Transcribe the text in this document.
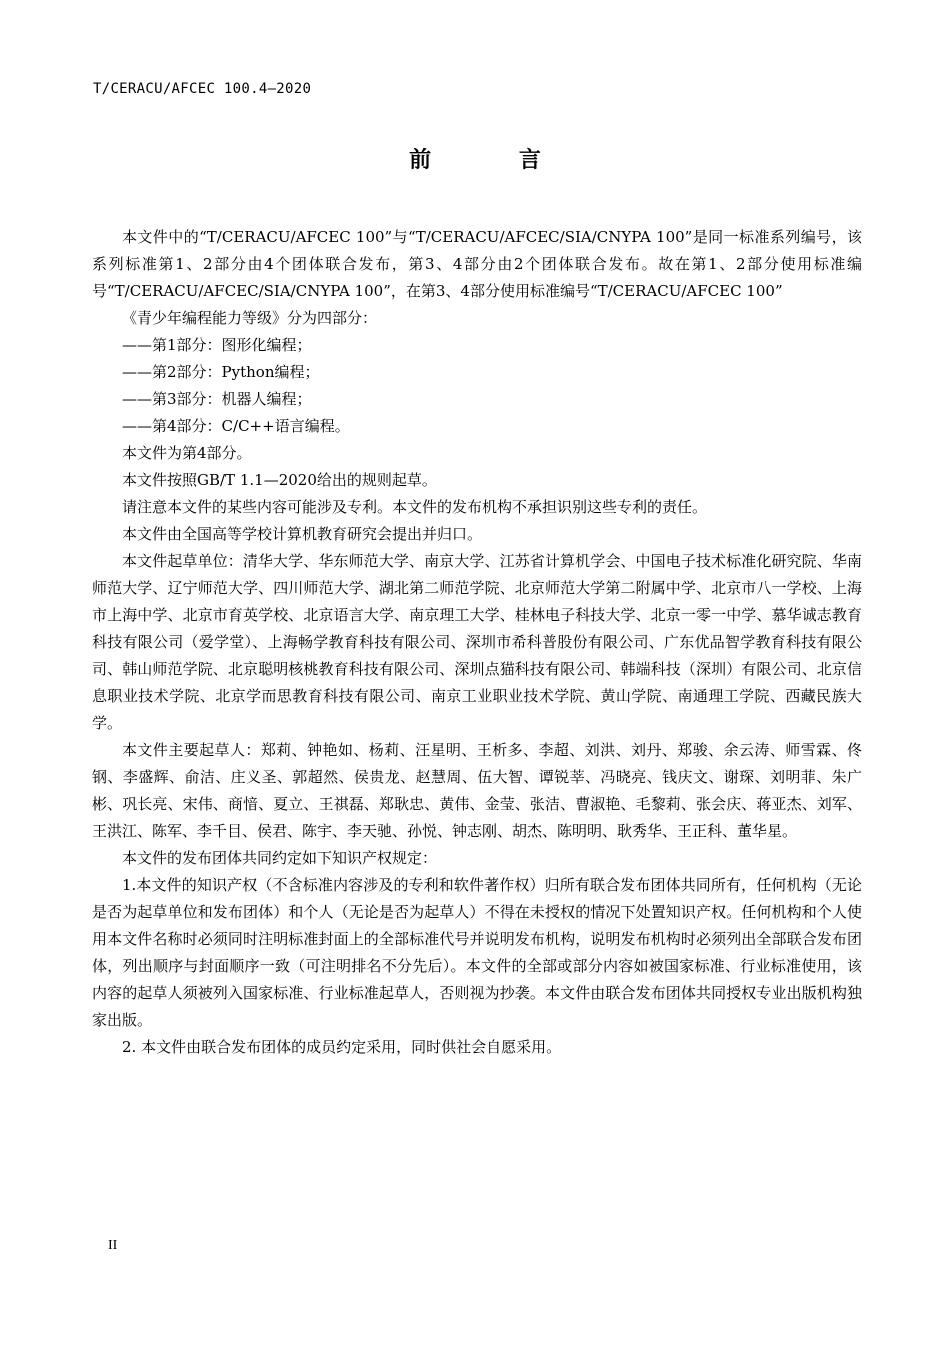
T/CERACU/AFCEC 100.4—2020
前 言

本文件中的“T/CERACU/AFCEC 100”与“T/CERACU/AFCEC/SIA/CNYPA 100”是同一标准系列编号，该系列标准第1、2部分由4个团体联合发布，第3、4部分由2个团体联合发布。故在第1、2部分使用标准编号“T/CERACU/AFCEC/SIA/CNYPA 100”，在第3、4部分使用标准编号“T/CERACU/AFCEC 100”

《青少年编程能力等级》分为四部分：

——第1部分：图形化编程；

——第2部分：Python编程；

——第3部分：机器人编程；

——第4部分：C/C++语言编程。

本文件为第4部分。

本文件按照GB/T 1.1—2020给出的规则起草。

请注意本文件的某些内容可能涉及专利。本文件的发布机构不承担识别这些专利的责任。

本文件由全国高等学校计算机教育研究会提出并归口。

本文件起草单位：清华大学、华东师范大学、南京大学、江苏省计算机学会、中国电子技术标准化研究院、华南师范大学、辽宁师范大学、四川师范大学、湖北第二师范学院、北京师范大学第二附属中学、北京市八一学校、上海市上海中学、北京市育英学校、北京语言大学、南京理工大学、桂林电子科技大学、北京一零一中学、慕华诚志教育科技有限公司（爱学堂）、上海畅学教育科技有限公司、深圳市希科普股份有限公司、广东优品智学教育科技有限公司、韩山师范学院、北京聪明核桃教育科技有限公司、深圳点猫科技有限公司、韩端科技（深圳）有限公司、北京信息职业技术学院、北京学而思教育科技有限公司、南京工业职业技术学院、黄山学院、南通理工学院、西藏民族大学。

本文件主要起草人：郑莉、钟艳如、杨莉、汪星明、王析多、李超、刘洪、刘丹、郑骏、余云涛、师雪霖、佟钢、李盛辉、俞洁、庄义圣、郭超然、侯贵龙、赵慧周、伍大智、谭锐莘、冯晓亮、钱庆文、谢琛、刘明菲、朱广彬、巩长亮、宋伟、商愔、夏立、王祺磊、郑耿忠、黄伟、金莹、张洁、曹淑艳、毛黎莉、张会庆、蒋亚杰、刘军、王洪江、陈军、李千目、侯君、陈宇、李天驰、孙悦、钟志刚、胡杰、陈明明、耿秀华、王正科、董华星。

本文件的发布团体共同约定如下知识产权规定：

1.本文件的知识产权（不含标准内容涉及的专利和软件著作权）归所有联合发布团体共同所有，任何机构（无论是否为起草单位和发布团体）和个人（无论是否为起草人）不得在未授权的情况下处置知识产权。任何机构和个人使用本文件名称时必须同时注明标准封面上的全部标准代号并说明发布机构，说明发布机构时必须列出全部联合发布团体，列出顺序与封面顺序一致（可注明排名不分先后）。本文件的全部或部分内容如被国家标准、行业标准使用，该内容的起草人须被列入国家标准、行业标准起草人，否则视为抄袭。本文件由联合发布团体共同授权专业出版机构独家出版。

2. 本文件由联合发布团体的成员约定采用，同时供社会自愿采用。

II
